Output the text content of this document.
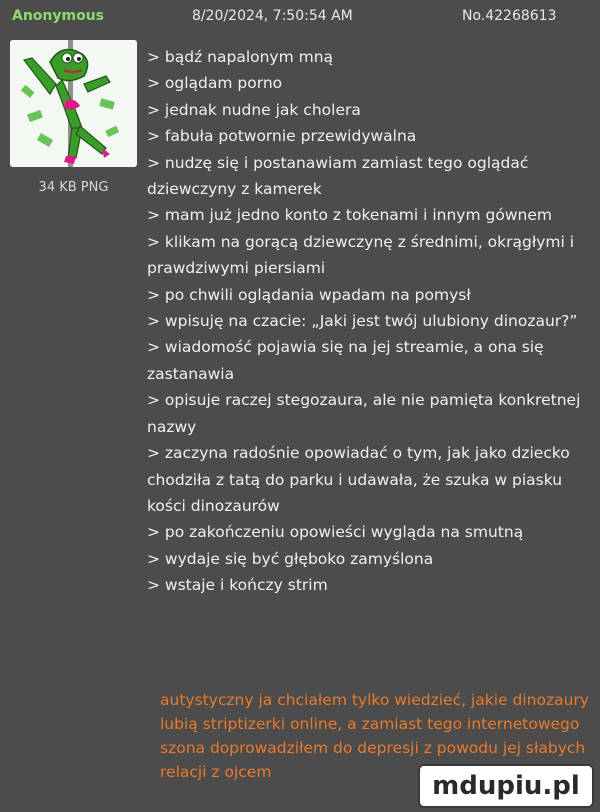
Anonymous	8/20/2024, 7:50:54 AM	No.42268613
34 KB PNG
> bądź napalonym mną
> oglądam porno
> jednak nudne jak cholera
> fabuła potwornie przewidywalna
> nudzę się i postanawiam zamiast tego oglądać dziewczyny z kamerek
> mam już jedno konto z tokenami i innym gównem
> klikam na gorącą dziewczynę z średnimi, okrągłymi i prawdziwymi piersiami
> po chwili oglądania wpadam na pomysł
> wpisuję na czacie: „Jaki jest twój ulubiony dinozaur?”
> wiadomość pojawia się na jej streamie, a ona się zastanawia
> opisuje raczej stegozaura, ale nie pamięta konkretnej nazwy
> zaczyna radośnie opowiadać o tym, jak jako dziecko chodziła z tatą do parku i udawała, że szuka w piasku kości dinozaurów
> po zakończeniu opowieści wygląda na smutną
> wydaje się być głęboko zamyślona
> wstaje i kończy strim
autystyczny ja chciałem tylko wiedzieć, jakie dinozaury lubią striptizerki online, a zamiast tego internetowego szona doprowadziłem do depresji z powodu jej słabych relacji z ojcem	mdupiu.pl
